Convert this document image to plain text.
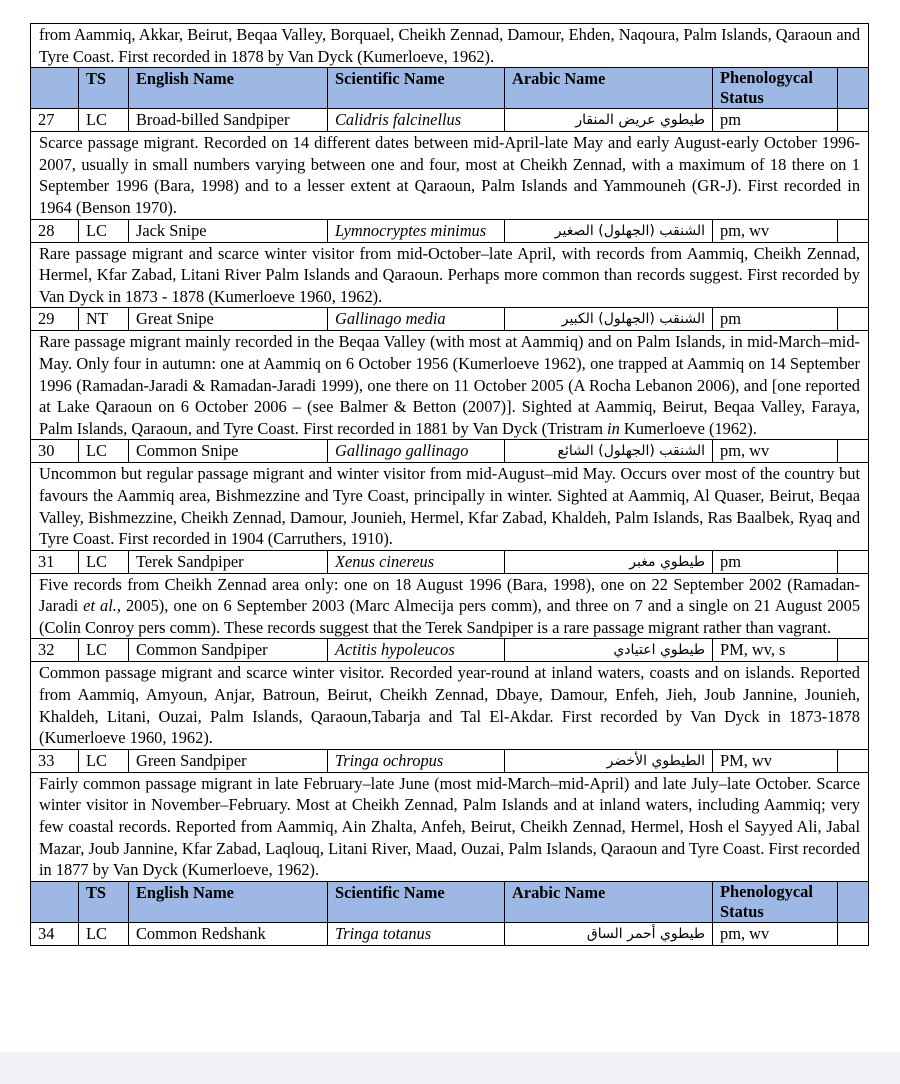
from Aammiq, Akkar, Beirut, Beqaa Valley, Borquael, Cheikh Zennad, Damour, Ehden, Naqoura, Palm Islands, Qaraoun and Tyre Coast. First recorded in 1878 by Van Dyck (Kumerloeve, 1962).						
	TS	English Name	Scientific Name	Arabic Name	Phenologycal Status	
27	LC	Broad-billed Sandpiper	Calidris falcinellus	طيطوي عريض المنقار	pm	
Scarce passage migrant. Recorded on 14 different dates between mid-April-late May and early August-early October 1996-2007, usually in small numbers varying between one and four, most at Cheikh Zennad, with a maximum of 18 there on 1 September 1996 (Bara, 1998) and to a lesser extent at Qaraoun, Palm Islands and Yammouneh (GR-J). First recorded in 1964 (Benson 1970).						
28	LC	Jack Snipe	Lymnocryptes minimus	الشنقب (الجهلول) الصغير	pm, wv	
Rare passage migrant and scarce winter visitor from mid-October–late April, with records from Aammiq, Cheikh Zennad, Hermel, Kfar Zabad, Litani River Palm Islands and Qaraoun. Perhaps more common than records suggest. First recorded by Van Dyck in 1873 - 1878 (Kumerloeve 1960, 1962).						
29	NT	Great Snipe	Gallinago media	الشنقب (الجهلول) الكبير	pm	
Rare passage migrant mainly recorded in the Beqaa Valley (with most at Aammiq) and on Palm Islands, in mid-March–mid-May. Only four in autumn: one at Aammiq on 6 October 1956 (Kumerloeve 1962), one trapped at Aammiq on 14 September 1996 (Ramadan-Jaradi & Ramadan-Jaradi 1999), one there on 11 October 2005 (A Rocha Lebanon 2006), and [one reported at Lake Qaraoun on 6 October 2006 – (see Balmer & Betton (2007)]. Sighted at Aammiq, Beirut, Beqaa Valley, Faraya, Palm Islands, Qaraoun, and Tyre Coast. First recorded in 1881 by Van Dyck (Tristram in Kumerloeve (1962).						
30	LC	Common Snipe	Gallinago gallinago	الشنقب (الجهلول) الشائع	pm, wv	
Uncommon but regular passage migrant and winter visitor from mid-August–mid May. Occurs over most of the country but favours the Aammiq area, Bishmezzine and Tyre Coast, principally in winter. Sighted at Aammiq, Al Quaser, Beirut, Beqaa Valley, Bishmezzine, Cheikh Zennad, Damour, Jounieh, Hermel, Kfar Zabad, Khaldeh, Palm Islands, Ras Baalbek, Ryaq and Tyre Coast. First recorded in 1904 (Carruthers, 1910).						
31	LC	Terek Sandpiper	Xenus cinereus	طيطوي مغبر	pm	
Five records from Cheikh Zennad area only: one on 18 August 1996 (Bara, 1998), one on 22 September 2002 (Ramadan-Jaradi et al., 2005), one on 6 September 2003 (Marc Almecija pers comm), and three on 7 and a single on 21 August 2005 (Colin Conroy pers comm). These records suggest that the Terek Sandpiper is a rare passage migrant rather than vagrant.						
32	LC	Common Sandpiper	Actitis hypoleucos	طيطوي اعتيادي	PM, wv, s	
Common passage migrant and scarce winter visitor. Recorded year-round at inland waters, coasts and on islands. Reported from Aammiq, Amyoun, Anjar, Batroun, Beirut, Cheikh Zennad, Dbaye, Damour, Enfeh, Jieh, Joub Jannine, Jounieh, Khaldeh, Litani, Ouzai, Palm Islands, Qaraoun,Tabarja and Tal El-Akdar. First recorded by Van Dyck in 1873-1878 (Kumerloeve 1960, 1962).						
33	LC	Green Sandpiper	Tringa ochropus	الطيطوي الأخضر	PM, wv	
Fairly common passage migrant in late February–late June (most mid-March–mid-April) and late July–late October. Scarce winter visitor in November–February. Most at Cheikh Zennad, Palm Islands and at inland waters, including Aammiq; very few coastal records. Reported from Aammiq, Ain Zhalta, Anfeh, Beirut, Cheikh Zennad, Hermel, Hosh el Sayyed Ali, Jabal Mazar, Joub Jannine, Kfar Zabad, Laqlouq, Litani River, Maad, Ouzai, Palm Islands, Qaraoun and Tyre Coast. First recorded in 1877 by Van Dyck (Kumerloeve, 1962).						
	TS	English Name	Scientific Name	Arabic Name	Phenologycal Status	
34	LC	Common Redshank	Tringa totanus	طيطوي أحمر الساق	pm, wv	
